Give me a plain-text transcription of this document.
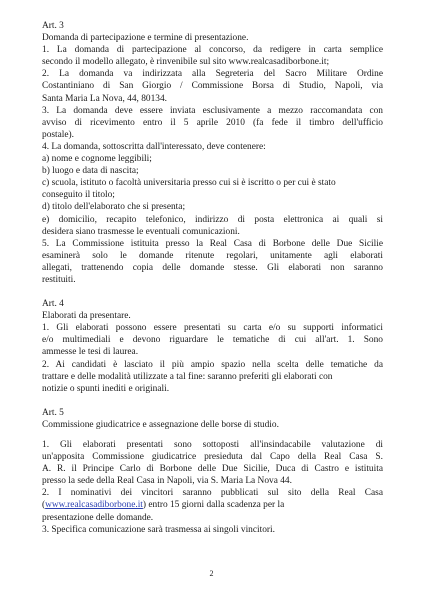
Art. 3
Domanda di partecipazione e termine di presentazione.
1. La domanda di partecipazione al concorso, da redigere in carta semplice
secondo il modello allegato, è rinvenibile sul sito www.realcasadiborbone.it;
2. La domanda va indirizzata alla Segreteria del Sacro Militare Ordine
Costantiniano di San Giorgio / Commissione Borsa di Studio, Napoli, via
Santa Maria La Nova, 44, 80134.
3. La domanda deve essere inviata esclusivamente a mezzo raccomandata con
avviso di ricevimento entro il 5 aprile 2010 (fa fede il timbro dell'ufficio
postale).
4. La domanda, sottoscritta dall'interessato, deve contenere:
a) nome e cognome leggibili;
b) luogo e data di nascita;
c) scuola, istituto o facoltà universitaria presso cui si è iscritto o per cui è stato
conseguito il titolo;
d) titolo dell'elaborato che si presenta;
e) domicilio, recapito telefonico, indirizzo di posta elettronica ai quali si
desidera siano trasmesse le eventuali comunicazioni.
5. La Commissione istituita presso la Real Casa di Borbone delle Due Sicilie
esaminerà solo le domande ritenute regolari, unitamente agli elaborati
allegati, trattenendo copia delle domande stesse. Gli elaborati non saranno
restituiti.
Art. 4
Elaborati da presentare.
1. Gli elaborati possono essere presentati su carta e/o su supporti informatici
e/o multimediali e devono riguardare le tematiche di cui all'art. 1. Sono
ammesse le tesi di laurea.
2. Ai candidati è lasciato il più ampio spazio nella scelta delle tematiche da
trattare e delle modalità utilizzate a tal fine: saranno preferiti gli elaborati con
notizie o spunti inediti e originali.
Art. 5
Commissione giudicatrice e assegnazione delle borse di studio.
1. Gli elaborati presentati sono sottoposti all'insindacabile valutazione di
un'apposita Commissione giudicatrice presieduta dal Capo della Real Casa S.
A. R. il Principe Carlo di Borbone delle Due Sicilie, Duca di Castro e istituita
presso la sede della Real Casa in Napoli, via S. Maria La Nova 44.
2. I nominativi dei vincitori saranno pubblicati sul sito della Real Casa
(www.realcasadiborbone.it) entro 15 giorni dalla scadenza per la
presentazione delle domande.
3. Specifica comunicazione sarà trasmessa ai singoli vincitori.
2
